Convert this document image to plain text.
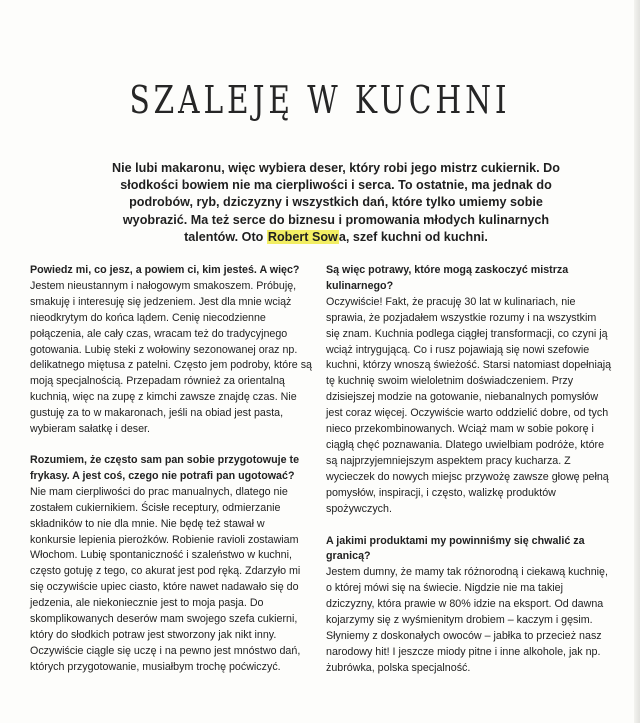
SZALEJĘ W KUCHNI

Nie lubi makaronu, więc wybiera deser, który robi jego mistrz cukiernik. Do słodkości bowiem nie ma cierpliwości i serca. To ostatnie, ma jednak do podrobów, ryb, dziczyzny i wszystkich dań, które tylko umiemy sobie wyobrazić. Ma też serce do biznesu i promowania młodych kulinarnych talentów. Oto Robert Sowa, szef kuchni od kuchni.

Powiedz mi, co jesz, a powiem ci, kim jesteś. A więc?

Jestem nieustannym i nałogowym smakoszem. Próbuję, smakuję i interesuję się jedzeniem. Jest dla mnie wciąż nieodkrytym do końca lądem. Cenię niecodzienne połączenia, ale cały czas, wracam też do tradycyjnego gotowania. Lubię steki z wołowiny sezonowanej oraz np. delikatnego miętusa z patelni. Często jem podroby, które są moją specjalnością. Przepadam również za orientalną kuchnią, więc na zupę z kimchi zawsze znajdę czas. Nie gustuję za to w makaronach, jeśli na obiad jest pasta, wybieram sałatkę i deser.

Rozumiem, że często sam pan sobie przygotowuje te frykasy. A jest coś, czego nie potrafi pan ugotować?

Nie mam cierpliwości do prac manualnych, dlatego nie zostałem cukiernikiem. Ścisłe receptury, odmierzanie składników to nie dla mnie. Nie będę też stawał w konkursie lepienia pierożków. Robienie ravioli zostawiam Włochom. Lubię spontaniczność i szaleństwo w kuchni, często gotuję z tego, co akurat jest pod ręką. Zdarzyło mi się oczywiście upiec ciasto, które nawet nadawało się do jedzenia, ale niekoniecznie jest to moja pasja. Do skomplikowanych deserów mam swojego szefa cukierni, który do słodkich potraw jest stworzony jak nikt inny. Oczywiście ciągle się uczę i na pewno jest mnóstwo dań, których przygotowanie, musiałbym trochę poćwiczyć.

Są więc potrawy, które mogą zaskoczyć mistrza kulinarnego?

Oczywiście! Fakt, że pracuję 30 lat w kulinariach, nie sprawia, że pozjadałem wszystkie rozumy i na wszystkim się znam. Kuchnia podlega ciągłej transformacji, co czyni ją wciąż intrygującą. Co i rusz pojawiają się nowi szefowie kuchni, którzy wnoszą świeżość. Starsi natomiast dopełniają tę kuchnię swoim wieloletnim doświadczeniem. Przy dzisiejszej modzie na gotowanie, niebanalnych pomysłów jest coraz więcej. Oczywiście warto oddzielić dobre, od tych nieco przekombinowanych. Wciąż mam w sobie pokorę i ciągłą chęć poznawania. Dlatego uwielbiam podróże, które są najprzyjemniejszym aspektem pracy kucharza. Z wycieczek do nowych miejsc przywożę zawsze głowę pełną pomysłów, inspiracji, i często, walizkę produktów spożywczych.

A jakimi produktami my powinniśmy się chwalić za granicą?

Jestem dumny, że mamy tak różnorodną i ciekawą kuchnię, o której mówi się na świecie. Nigdzie nie ma takiej dziczyzny, która prawie w 80% idzie na eksport. Od dawna kojarzymy się z wyśmienitym drobiem – kaczym i gęsim. Słyniemy z doskonałych owoców – jabłka to przecież nasz narodowy hit! I jeszcze miody pitne i inne alkohole, jak np. żubrówka, polska specjalność.
